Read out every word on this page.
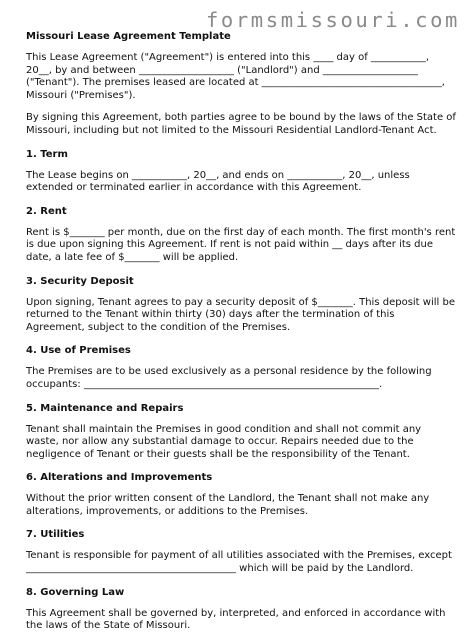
formsmissouri.com
Missouri Lease Agreement Template
This Lease Agreement ("Agreement") is entered into this ____ day of ___________, 20__, by and between ___________________ ("Landlord") and ___________________ ("Tenant"). The premises leased are located at ____________________________________, Missouri ("Premises").
By signing this Agreement, both parties agree to be bound by the laws of the State of Missouri, including but not limited to the Missouri Residential Landlord-Tenant Act.
1. Term
The Lease begins on ___________, 20__, and ends on ___________, 20__, unless extended or terminated earlier in accordance with this Agreement.
2. Rent
Rent is $_______ per month, due on the first day of each month. The first month's rent is due upon signing this Agreement. If rent is not paid within __ days after its due date, a late fee of $_______ will be applied.
3. Security Deposit
Upon signing, Tenant agrees to pay a security deposit of $_______. This deposit will be returned to the Tenant within thirty (30) days after the termination of this Agreement, subject to the condition of the Premises.
4. Use of Premises
The Premises are to be used exclusively as a personal residence by the following occupants: ___________________________________________________________.
5. Maintenance and Repairs
Tenant shall maintain the Premises in good condition and shall not commit any waste, nor allow any substantial damage to occur. Repairs needed due to the negligence of Tenant or their guests shall be the responsibility of the Tenant.
6. Alterations and Improvements
Without the prior written consent of the Landlord, the Tenant shall not make any alterations, improvements, or additions to the Premises.
7. Utilities
Tenant is responsible for payment of all utilities associated with the Premises, except __________________________________________ which will be paid by the Landlord.
8. Governing Law
This Agreement shall be governed by, interpreted, and enforced in accordance with the laws of the State of Missouri.
